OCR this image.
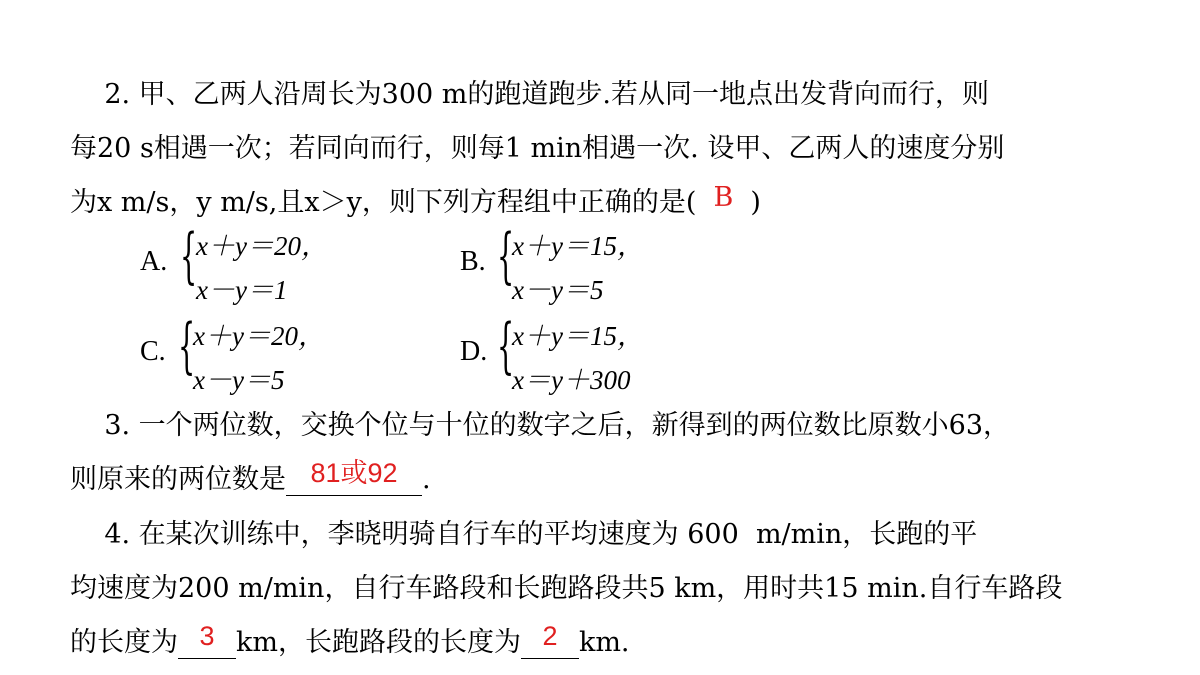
2. 甲、乙两人沿周长为300 m的跑道跑步.若从同一地点出发背向而行，则
每20 s相遇一次；若同向而行，则每1 min相遇一次. 设甲、乙两人的速度分别
为x m/s，y m/s,且x＞y，则下列方程组中正确的是( B )
A. {
x＋y＝20，
x－y＝1
B. {
x＋y＝15，
x－y＝5
C. {
x＋y＝20，
x－y＝5
D. {
x＋y＝15，
x＝y＋300
3. 一个两位数，交换个位与十位的数字之后，新得到的两位数比原数小63，
则原来的两位数是 81或92 .
4. 在某次训练中，李晓明骑自行车的平均速度为 600  m/min，长跑的平
均速度为200 m/min，自行车路段和长跑路段共5 km，用时共15 min.自行车路段
的长度为 3 km，长跑路段的长度为 2 km.
